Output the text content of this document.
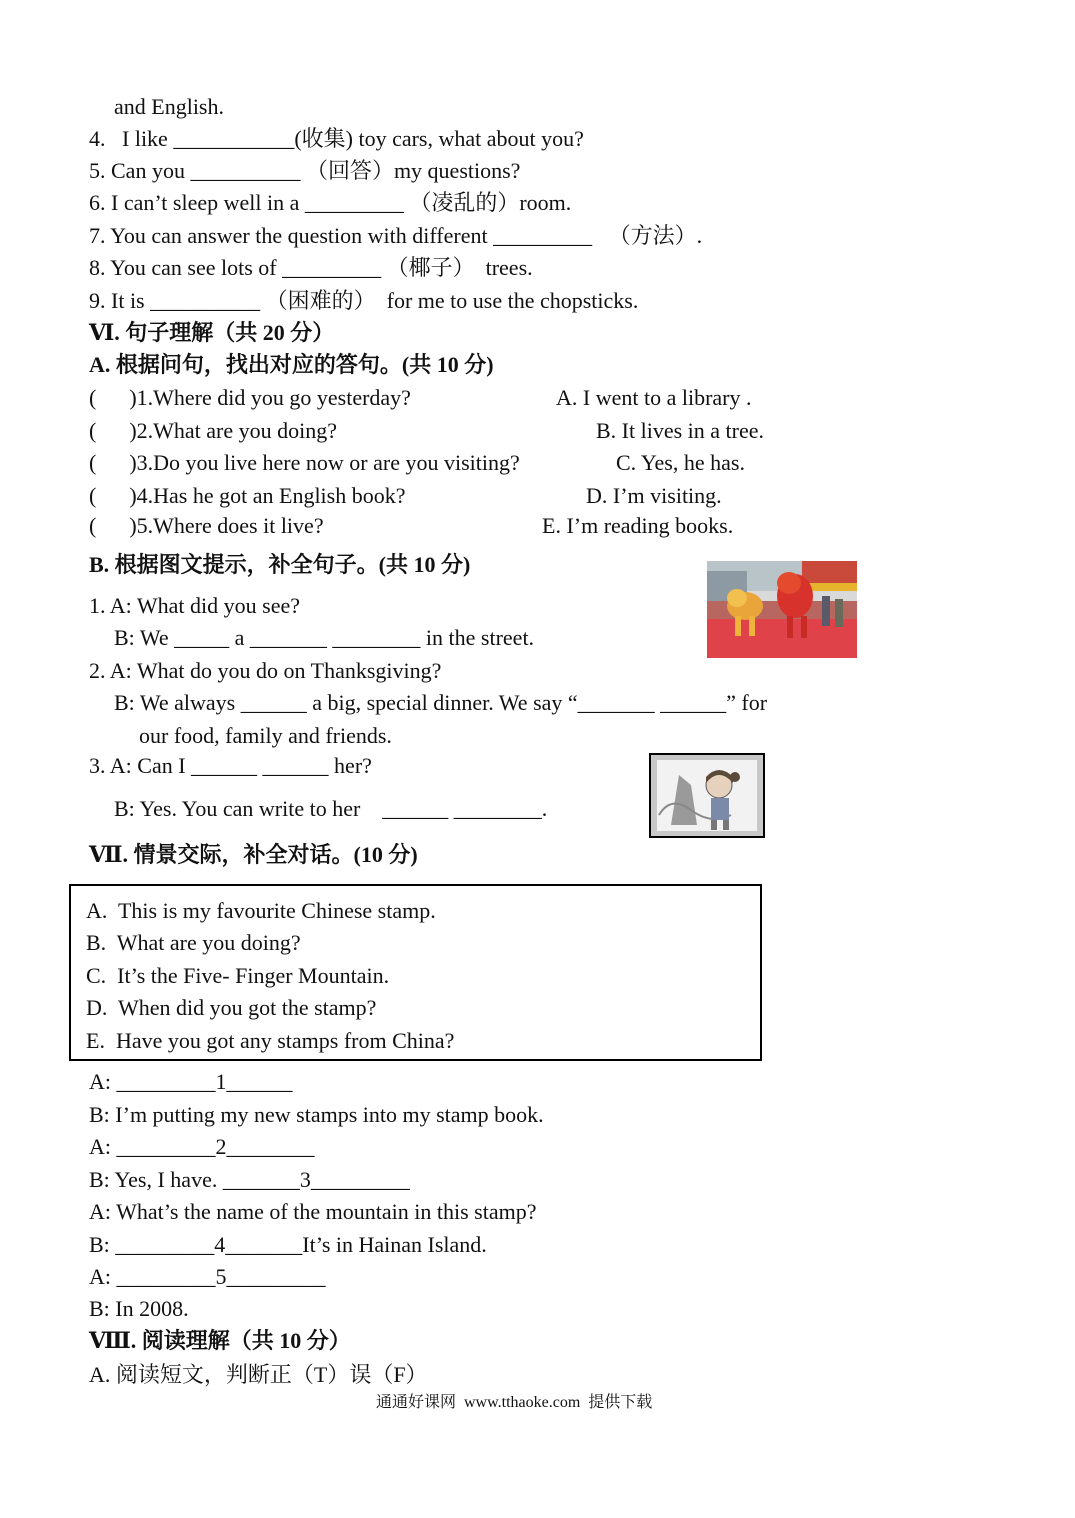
and English.
4.   I like ___________(收集) toy cars, what about you?
5. Can you __________ （回答）my questions?
6. I can’t sleep well in a _________ （凌乱的）room.
7. You can answer the question with different _________   （方法）.
8. You can see lots of _________ （椰子）  trees.
9. It is __________ （困难的）  for me to use the chopsticks.
Ⅵ. 句子理解（共 20 分）
A. 根据问句，找出对应的答句。(共 10 分)
(      )1.Where did you go yesterday?	A. I went to a library .
(      )2.What are you doing?	B. It lives in a tree.
(      )3.Do you live here now or are you visiting?	C. Yes, he has.
(      )4.Has he got an English book?	D. I’m visiting.
(      )5.Where does it live?	E. I’m reading books.
B. 根据图文提示，补全句子。(共 10 分)
1. A: What did you see?
B: We _____ a _______ ________ in the street.
2. A: What do you do on Thanksgiving?
B: We always ______ a big, special dinner. We say “_______ ______” for
our food, family and friends.
3. A: Can I ______ ______ her?
B: Yes. You can write to her    ______ ________.
Ⅶ. 情景交际，补全对话。(10 分)
A.  This is my favourite Chinese stamp.
B.  What are you doing?
C.  It’s the Five- Finger Mountain.
D.  When did you got the stamp?
E.  Have you got any stamps from China?
A: _________1______
B: I’m putting my new stamps into my stamp book.
A: _________2________
B: Yes, I have. _______3_________
A: What’s the name of the mountain in this stamp?
B: _________4_______It’s in Hainan Island.
A: _________5_________
B: In 2008.
Ⅷ. 阅读理解（共 10 分）
A. 阅读短文，判断正（T）误（F）
通通好课网  www.tthaoke.com  提供下载
